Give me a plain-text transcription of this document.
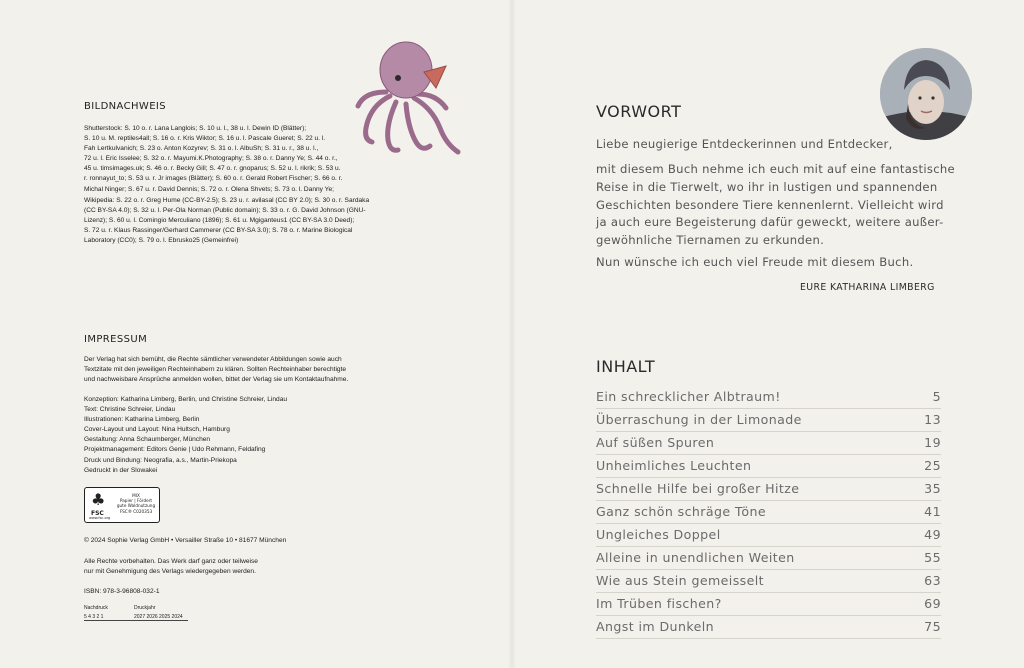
BILDNACHWEIS
Shutterstock: S. 10 o. r. Lana Langlois; S. 10 u. l., 38 u. l. Dewin ID (Blätter);
S. 10 u. M. reptiles4all; S. 16 o. r. Kris Wiktor; S. 16 u. l. Pascale Gueret; S. 22 u. l.
Fah Lertkulvanich; S. 23 o. Anton Kozyrev; S. 31 o. l. AlbuSh; S. 31 u. r., 38 u. l.,
72 u. l. Eric Isselee; S. 32 o. r. Mayumi.K.Photography; S. 38 o. r. Danny Ye; S. 44 o. r.,
45 u. timsimages.uk; S. 46 o. r. Becky Gill; S. 47 o. r. gnoparus; S. 52 u. l. rikrik; S. 53 u.
r. ronnayut_to; S. 53 u. r. Jr images (Blätter); S. 60 o. r. Gerald Robert Fischer; S. 66 o. r.
Michal Ninger; S. 67 u. r. David Dennis; S. 72 o. r. Olena Shvets; S. 73 o. l. Danny Ye;
Wikipedia: S. 22 o. r. Greg Hume (CC-BY-2.5); S. 23 u. r. avilasal (CC BY 2.0); S. 30 o. r. Sardaka
(CC BY-SA 4.0); S. 32 u. l. Per-Ola Norman (Public domain); S. 33 o. r. G. David Johnson (GNU-
Lizenz); S. 60 u. l. Comingio Merculiano (1896); S. 61 u. Mgiganteus1 (CC BY-SA 3.0 Deed);
S. 72 u. r. Klaus Rassinger/Gerhard Cammerer (CC BY-SA 3.0); S. 78 o. r. Marine Biological
Laboratory (CC0); S. 79 o. l. Ebrusko25 (Gemeinfrei)
IMPRESSUM
Der Verlag hat sich bemüht, die Rechte sämtlicher verwendeter Abbildungen sowie auch
Textzitate mit den jeweiligen Rechteinhabern zu klären. Sollten Rechteinhaber berechtigte
und nachweisbare Ansprüche anmelden wollen, bittet der Verlag sie um Kontaktaufnahme.
Konzeption: Katharina Limberg, Berlin, und Christine Schreier, Lindau
Text: Christine Schreier, Lindau
Illustrationen: Katharina Limberg, Berlin
Cover-Layout und Layout: Nina Hultsch, Hamburg
Gestaltung: Anna Schaumberger, München
Projektmanagement: Editors Genie | Udo Rehmann, Feldafing
Druck und Bindung: Neografia, a.s., Martin-Priekopa
Gedruckt in der Slowakei
♣
FSC
www.fsc.org
MIX
Papier | Fördert
gute Waldnutzung
FSC® C020353
© 2024 Sophie Verlag GmbH • Versailler Straße 10 • 81677 München
Alle Rechte vorbehalten. Das Werk darf ganz oder teilweise
nur mit Genehmigung des Verlags wiedergegeben werden.
ISBN: 978-3-96808-032-1
Nachdruck	Druckjahr
5 4 3 2 1	2027 2026 2025 2024
VORWORT
Liebe neugierige Entdeckerinnen und Entdecker,
mit diesem Buch nehme ich euch mit auf eine fantastische
Reise in die Tierwelt, wo ihr in lustigen und spannenden
Geschichten besondere Tiere kennenlernt. Vielleicht wird
ja auch eure Begeisterung dafür geweckt, weitere außer-
gewöhnliche Tiernamen zu erkunden.
Nun wünsche ich euch viel Freude mit diesem Buch.
EURE KATHARINA LIMBERG
INHALT
Ein schrecklicher Albtraum!	5
Überraschung in der Limonade	13
Auf süßen Spuren	19
Unheimliches Leuchten	25
Schnelle Hilfe bei großer Hitze	35
Ganz schön schräge Töne	41
Ungleiches Doppel	49
Alleine in unendlichen Weiten	55
Wie aus Stein gemeisselt	63
Im Trüben fischen?	69
Angst im Dunkeln	75
